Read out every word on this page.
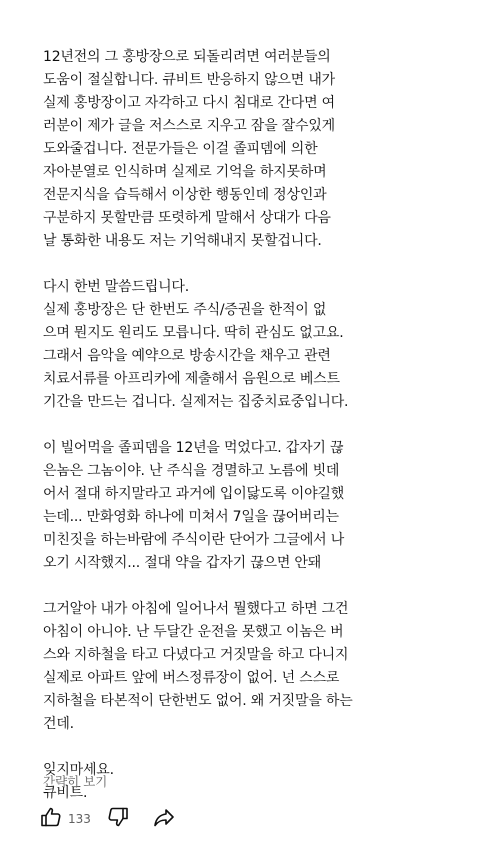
12년전의 그 홍방장으로 되돌리려면 여러분들의
도움이 절실합니다. 큐비트 반응하지 않으면 내가
실제 홍방장이고 자각하고 다시 침대로 간다면 여
러분이 제가 글을 저스스로 지우고 잠을 잘수있게
도와줄겁니다. 전문가들은 이걸 졸피뎀에 의한
자아분열로 인식하며 실제로 기억을 하지못하며
전문지식을 습득해서 이상한 행동인데 정상인과
구분하지 못할만큼 또렷하게 말해서 상대가 다음
날 통화한 내용도 저는 기억해내지 못할겁니다.
다시 한번 말씀드립니다.
실제 홍방장은 단 한번도 주식/증권을 한적이 없
으며 뭔지도 원리도 모릅니다. 딱히 관심도 없고요.
그래서 음악을 예약으로 방송시간을 채우고 관련
치료서류를 아프리카에 제출해서 음원으로 베스트
기간을 만드는 겁니다. 실제저는 집중치료중입니다.
이 빌어먹을 졸피뎀을 12년을 먹었다고. 갑자기 끊
은놈은 그놈이야. 난 주식을 경멸하고 노름에 빗데
어서 절대 하지말라고 과거에 입이닳도록 이야길했
는데... 만화영화 하나에 미쳐서 7일을 끊어버리는
미친짓을 하는바람에 주식이란 단어가 그글에서 나
오기 시작했지... 절대 약을 갑자기 끊으면 안돼
그거알아 내가 아침에 일어나서 뭘했다고 하면 그건
아침이 아니야. 난 두달간 운전을 못했고 이놈은 버
스와 지하철을 타고 다녔다고 거짓말을 하고 다니지
실제로 아파트 앞에 버스정류장이 없어. 넌 스스로
지하철을 타본적이 단한번도 없어. 왜 거짓말을 하는
건데.
잊지마세요.
큐비트.
간략히 보기
133
